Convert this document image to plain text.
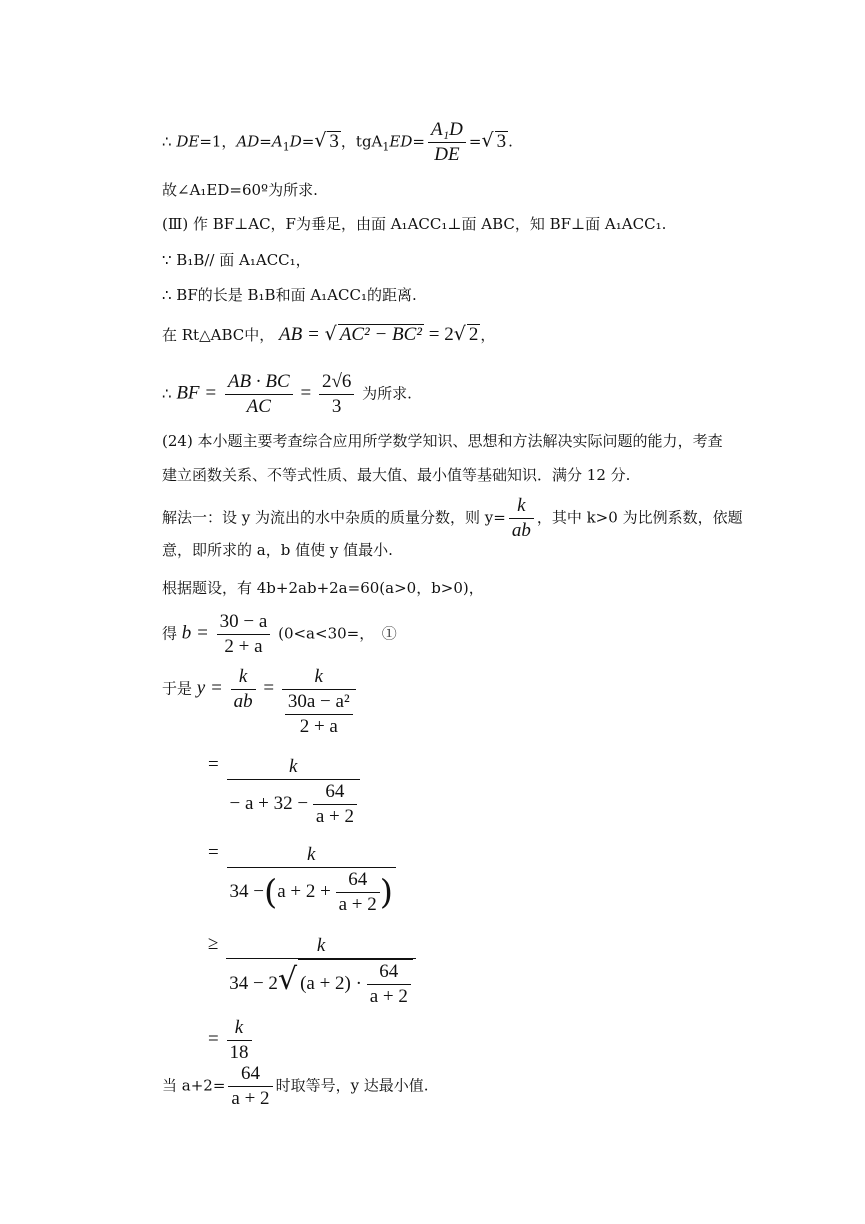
∴ DE=1，$AD=A_1D=√$ 3 ，$tgA_1ED= \frac{\text{A₁D}}{DE}$ =√ 3 .
故∠A₁ED=60º为所求.
(Ⅲ) 作 BF⊥AC，F为垂足，由面 A₁ACC₁⊥面 ABC，知 BF⊥面 A₁ACC₁.
∵ B₁B// 面 A₁ACC₁，
∴ BF的长是 B₁B和面 A₁ACC₁的距离.
在 Rt△ABC中， AB = √ AC² − BC² = 2√ 2 ，
∴ BF = $\frac{AB \cdot BC}{AC} = \frac{2√6}{3}$ 为所求.
(24) 本小题主要考查综合应用所学数学知识、思想和方法解决实际问题的能力，考查
建立函数关系、不等式性质、最大值、最小值等基础知识．满分 12 分.
解法一：设 y 为流出的水中杂质的质量分数，则 $y= \frac{k}{ab}$ ，其中 k>0 为比例系数，依题
意，即所求的 a，b 值使 y 值最小.
根据题设，有 4b+2ab+2a=60(a>0，b>0)，
得 $b = \frac{30 - a}{2 + a} (0<a<30=$，　①
于是 $y = \frac{k}{ab} = \frac{k}{\frac{\text{30a − a²}}{2 + a}}$
= $\frac{k}{- a + 32 - \frac{64}{a + 2}}$
= $\frac{k}{34 -(a + 2 + \frac{64}{a + 2} )}$
≥ $\frac{k}{34 - 2√ (a + 2) \cdot \frac{64}{a + 2}}$
= $\frac{k}{18}$
当 $a+2= \frac{64}{a + 2}$ 时取等号，y 达最小值.
